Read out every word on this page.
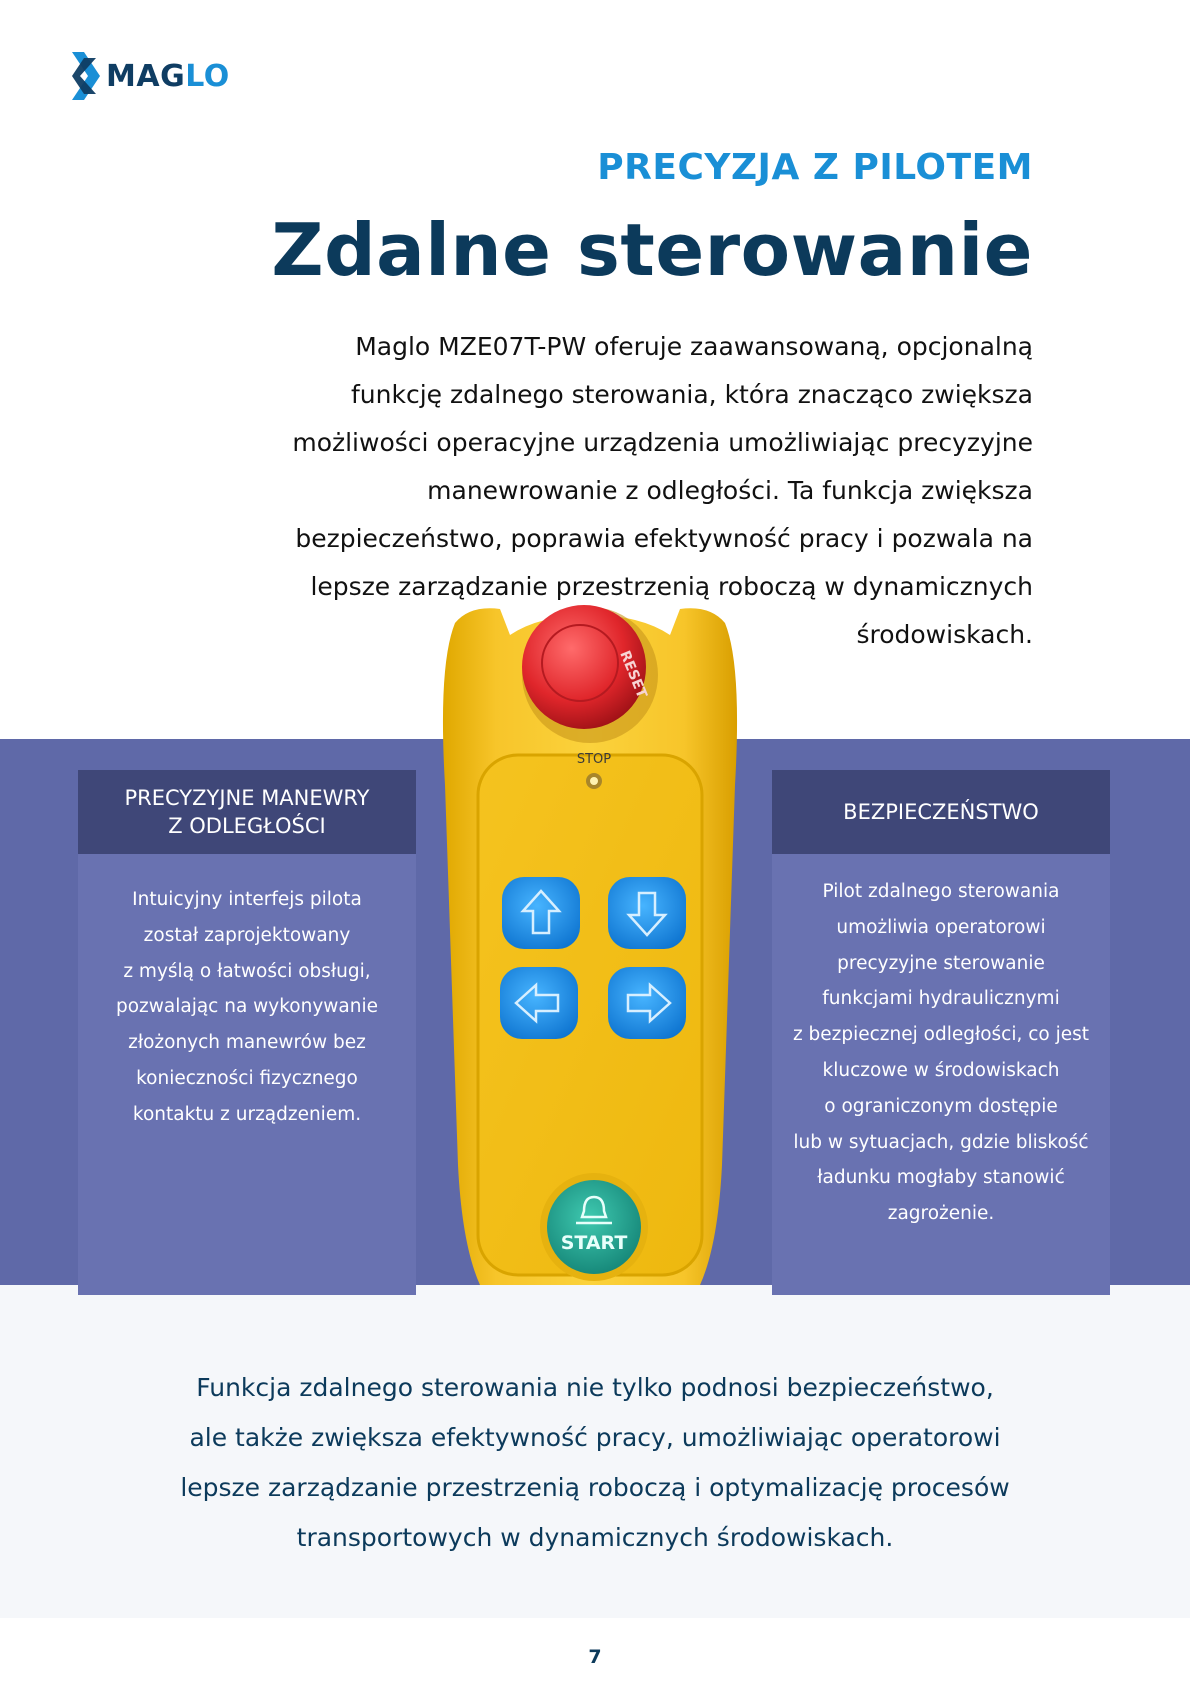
MAGLO
PRECYZJA Z PILOTEM
Zdalne sterowanie
Maglo MZE07T-PW oferuje zaawansowaną, opcjonalną
funkcję zdalnego sterowania, która znacząco zwiększa
możliwości operacyjne urządzenia umożliwiając precyzyjne
manewrowanie z odległości. Ta funkcja zwiększa
bezpieczeństwo, poprawia efektywność pracy i pozwala na
lepsze zarządzanie przestrzenią roboczą w dynamicznych
środowiskach.
PRECYZYJNE MANEWRY
Z ODLEGŁOŚCI
Intuicyjny interfejs pilota
został zaprojektowany
z myślą o łatwości obsługi,
pozwalając na wykonywanie
złożonych manewrów bez
konieczności fizycznego
kontaktu z urządzeniem.
BEZPIECZEŃSTWO
Pilot zdalnego sterowania
umożliwia operatorowi
precyzyjne sterowanie
funkcjami hydraulicznymi
z bezpiecznej odległości, co jest
kluczowe w środowiskach
o ograniczonym dostępie
lub w sytuacjach, gdzie bliskość
ładunku mogłaby stanowić
zagrożenie.
RESET
STOP
START
Funkcja zdalnego sterowania nie tylko podnosi bezpieczeństwo,
ale także zwiększa efektywność pracy, umożliwiając operatorowi
lepsze zarządzanie przestrzenią roboczą i optymalizację procesów
transportowych w dynamicznych środowiskach.
7
